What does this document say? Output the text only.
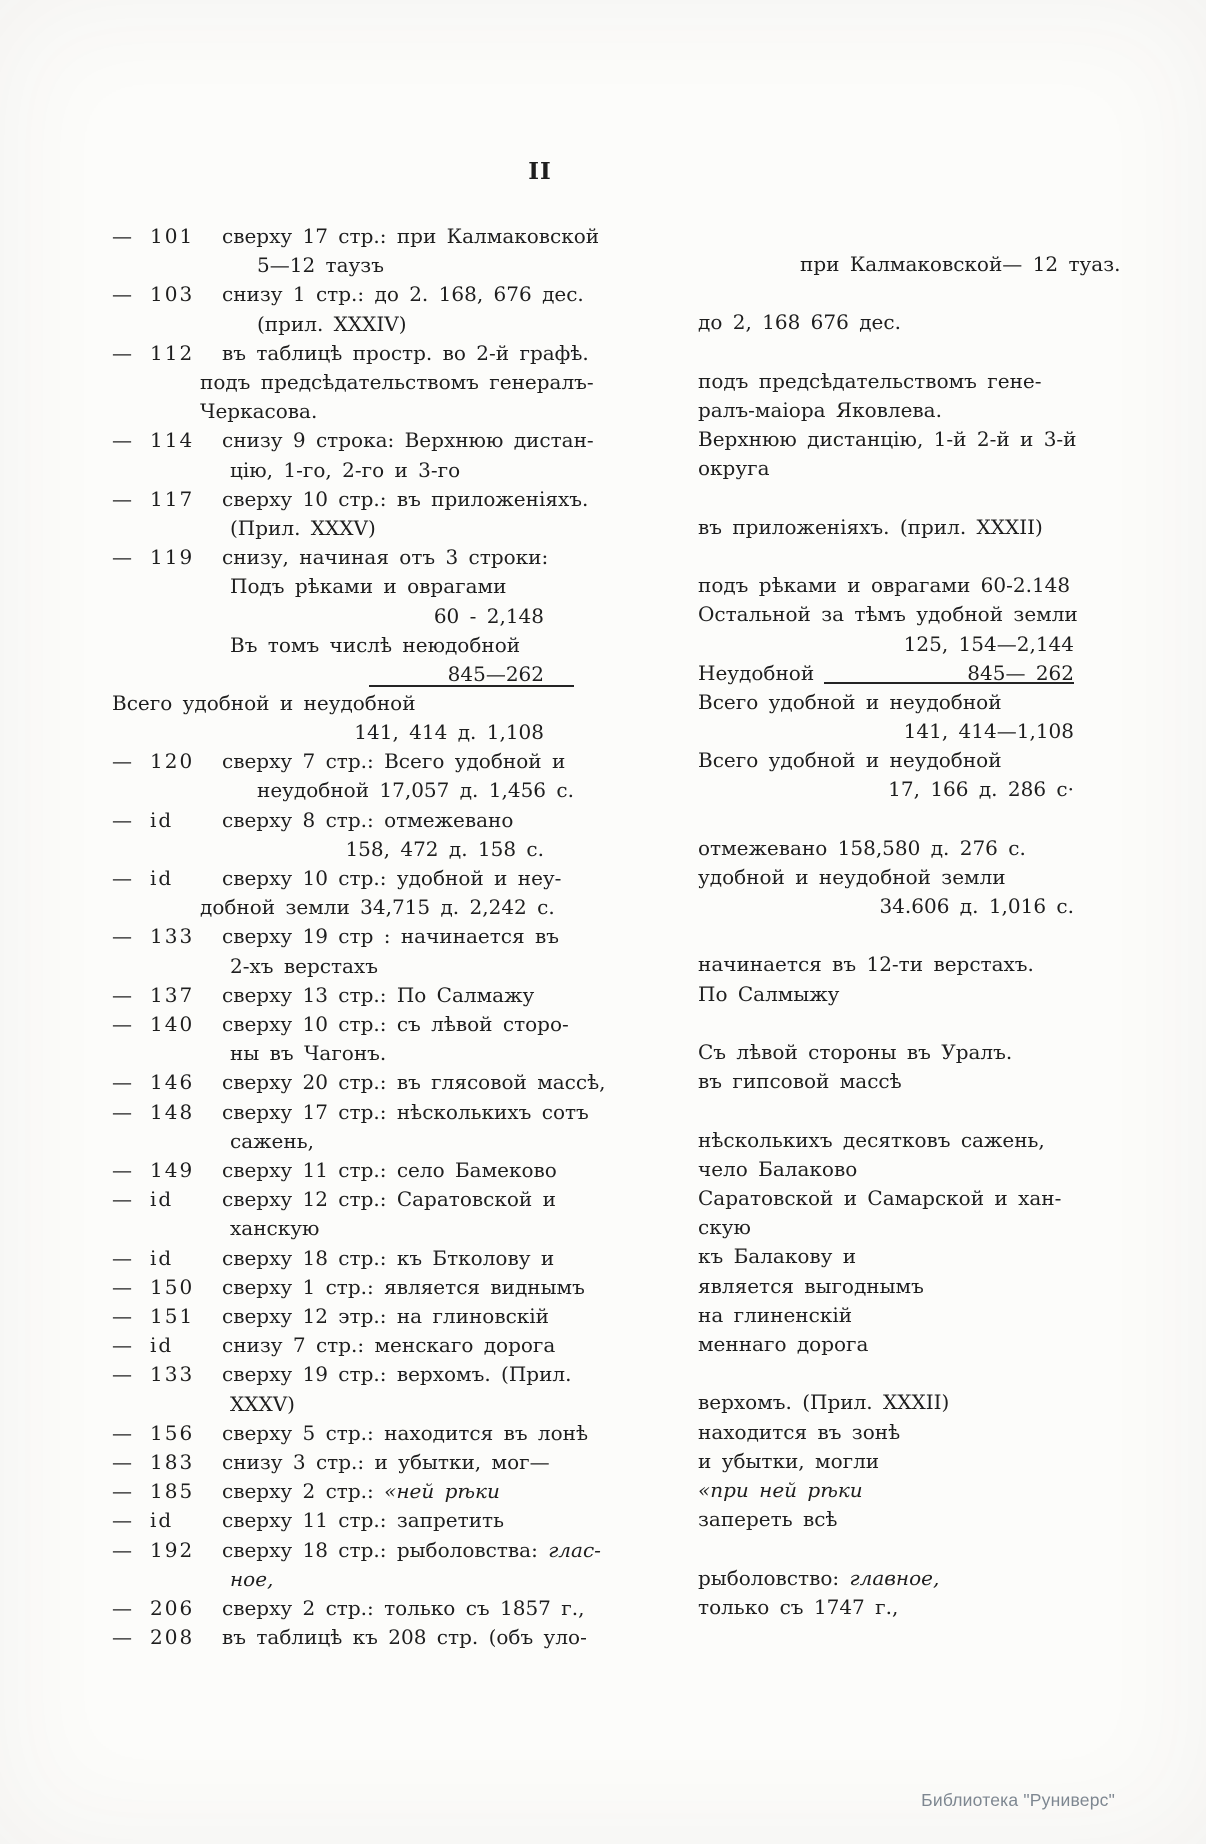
II
— 101 сверху 17 стр.: при Калмаковской
5—12 таузъ
— 103 снизу 1 стр.: до 2. 168, 676 дес.
(прил. XXXIV)
— 112 въ таблицѣ простр. во 2-й графѣ.
подъ предсѣдательствомъ генералъ-
Черкасова.
— 114 снизу 9 строка: Верхнюю дистан-
цію, 1-го, 2-го и 3-го
— 117 сверху 10 стр.: въ приложеніяхъ.
(Прил. XXXV)
— 119 снизу, начиная отъ 3 строки:
Подъ рѣками и оврагами
60 - 2,148
Въ томъ числѣ неюдобной
845—262
Всего удобной и неудобной
141, 414 д. 1,108
— 120 сверху 7 стр.: Всего удобной и
неудобной 17,057 д. 1,456 с.
— id сверху 8 стр.: отмежевано
158, 472 д. 158 с.
— id сверху 10 стр.: удобной и неу-
добной земли 34,715 д. 2,242 с.
— 133 сверху 19 стр : начинается въ
2-хъ верстахъ
— 137 сверху 13 стр.: По Салмажу
— 140 сверху 10 стр.: съ лѣвой сторо-
ны въ Чагонъ.
— 146 сверху 20 стр.: въ глясовой массѣ,
— 148 сверху 17 стр.: нѣсколькихъ сотъ
сажень,
— 149 сверху 11 стр.: село Бамеково
— id сверху 12 стр.: Саратовской и
ханскую
— id сверху 18 стр.: къ Бтколову и
— 150 сверху 1 стр.: является виднымъ
— 151 сверху 12 этр.: на глиновскій
— id снизу 7 стр.: менскаго дорога
— 133 сверху 19 стр.: верхомъ. (Прил.
XXXV)
— 156 сверху 5 стр.: находится въ лонѣ
— 183 снизу 3 стр.: и убытки, мог—
— 185 сверху 2 стр.: «ней рѣки
— id сверху 11 стр.: запретить
— 192 сверху 18 стр.: рыболовства: глас-
ное,
— 206 сверху 2 стр.: только съ 1857 г.,
— 208 въ таблицѣ къ 208 стр. (объ уло-
при Калмаковской— 12 туаз.

до 2, 168 676 дес.

подъ предсѣдательствомъ гене-
ралъ-маіора Яковлева.
Верхнюю дистанцію, 1-й 2-й и 3-й
округа

въ приложеніяхъ. (прил. XXXII)

подъ рѣками и оврагами 60-2.148
Остальной за тѣмъ удобной земли
125, 154—2,144
Неудобной	845— 262
Всего удобной и неудобной
141, 414—1,108
Всего удобной и неудобной
17, 166 д. 286 с·

отмежевано 158,580 д. 276 с.
удобной и неудобной земли
34.606 д. 1,016 с.

начинается въ 12-ти верстахъ.
По Салмыжу

Съ лѣвой стороны въ Уралъ.
въ гипсовой массѣ

нѣсколькихъ десятковъ сажень,
чело Балаково
Саратовской и Самарской и хан-
скую
къ Балакову и
является выгоднымъ
на глиненскій
меннаго дорога

верхомъ. (Прил. XXXII)
находится въ зонѣ
и убытки, могли
«при ней рѣки
запереть всѣ

рыболовство: главное,
только съ 1747 г.,
Библиотека "Руниверс"
